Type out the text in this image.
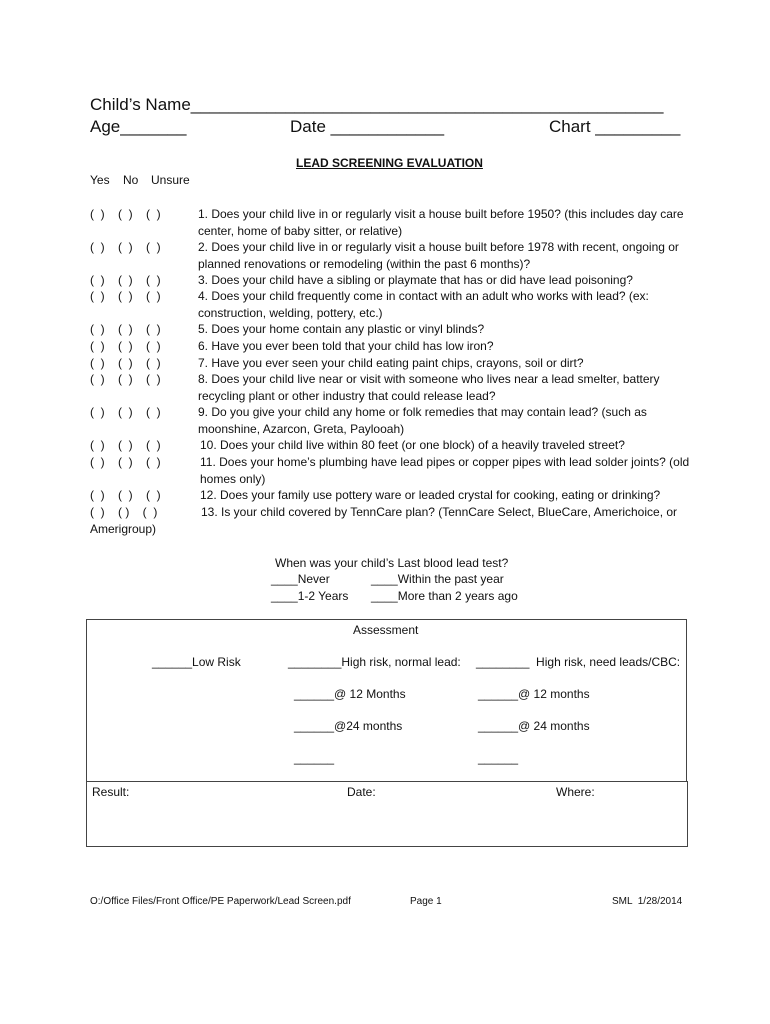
Child’s Name__________________________________________________
Age_______	Date ____________	Chart _________
LEAD SCREENING EVALUATION
Yes No Unsure
(  )    (  )    (  )	1. Does your child live in or regularly visit a house built before 1950? (this includes day care center, home of baby sitter, or relative)
(  )    (  )    (  )	2. Does your child live in or regularly visit a house built before 1978 with recent, ongoing or planned renovations or remodeling (within the past 6 months)?
(  )    (  )    (  )	3. Does your child have a sibling or playmate that has or did have lead poisoning?
(  )    (  )    (  )	4. Does your child frequently come in contact with an adult who works with lead? (ex: construction, welding, pottery, etc.)
(  )    (  )    (  )	5. Does your home contain any plastic or vinyl blinds?
(  )    (  )    (  )	6. Have you ever been told that your child has low iron?
(  )    (  )    (  )	7. Have you ever seen your child eating paint chips, crayons, soil or dirt?
(  )    (  )    (  )	8. Does your child live near or visit with someone who lives near a lead smelter, battery recycling plant or other industry that could release lead?
(  )    (  )    (  )	9. Do you give your child any home or folk remedies that may contain lead? (such as moonshine, Azarcon, Greta, Paylooah)
(  )    (  )    (  )	10. Does your child live within 80 feet (or one block) of a heavily traveled street?
(  )    (  )    (  )	11. Does your home’s plumbing have lead pipes or copper pipes with lead solder joints? (old homes only)
(  )    (  )    (  )	12. Does your family use pottery ware or leaded crystal for cooking, eating or drinking?
(  )    ( )    (  )	13. Is your child covered by TennCare plan? (TennCare Select, BlueCare, Americhoice, or Amerigroup)
When was your child’s Last blood lead test?
____Never	____Within the past year
____1-2 Years ____More than 2 years ago
Assessment
______Low Risk	________High risk, normal lead: ________  High risk, need leads/CBC:
______@ 12 Months	______@ 12 months
______@24 months	______@ 24 months
______	______
Result:	Date:	Where:
O:/Office Files/Front Office/PE Paperwork/Lead Screen.pdf	Page 1	SML  1/28/2014
